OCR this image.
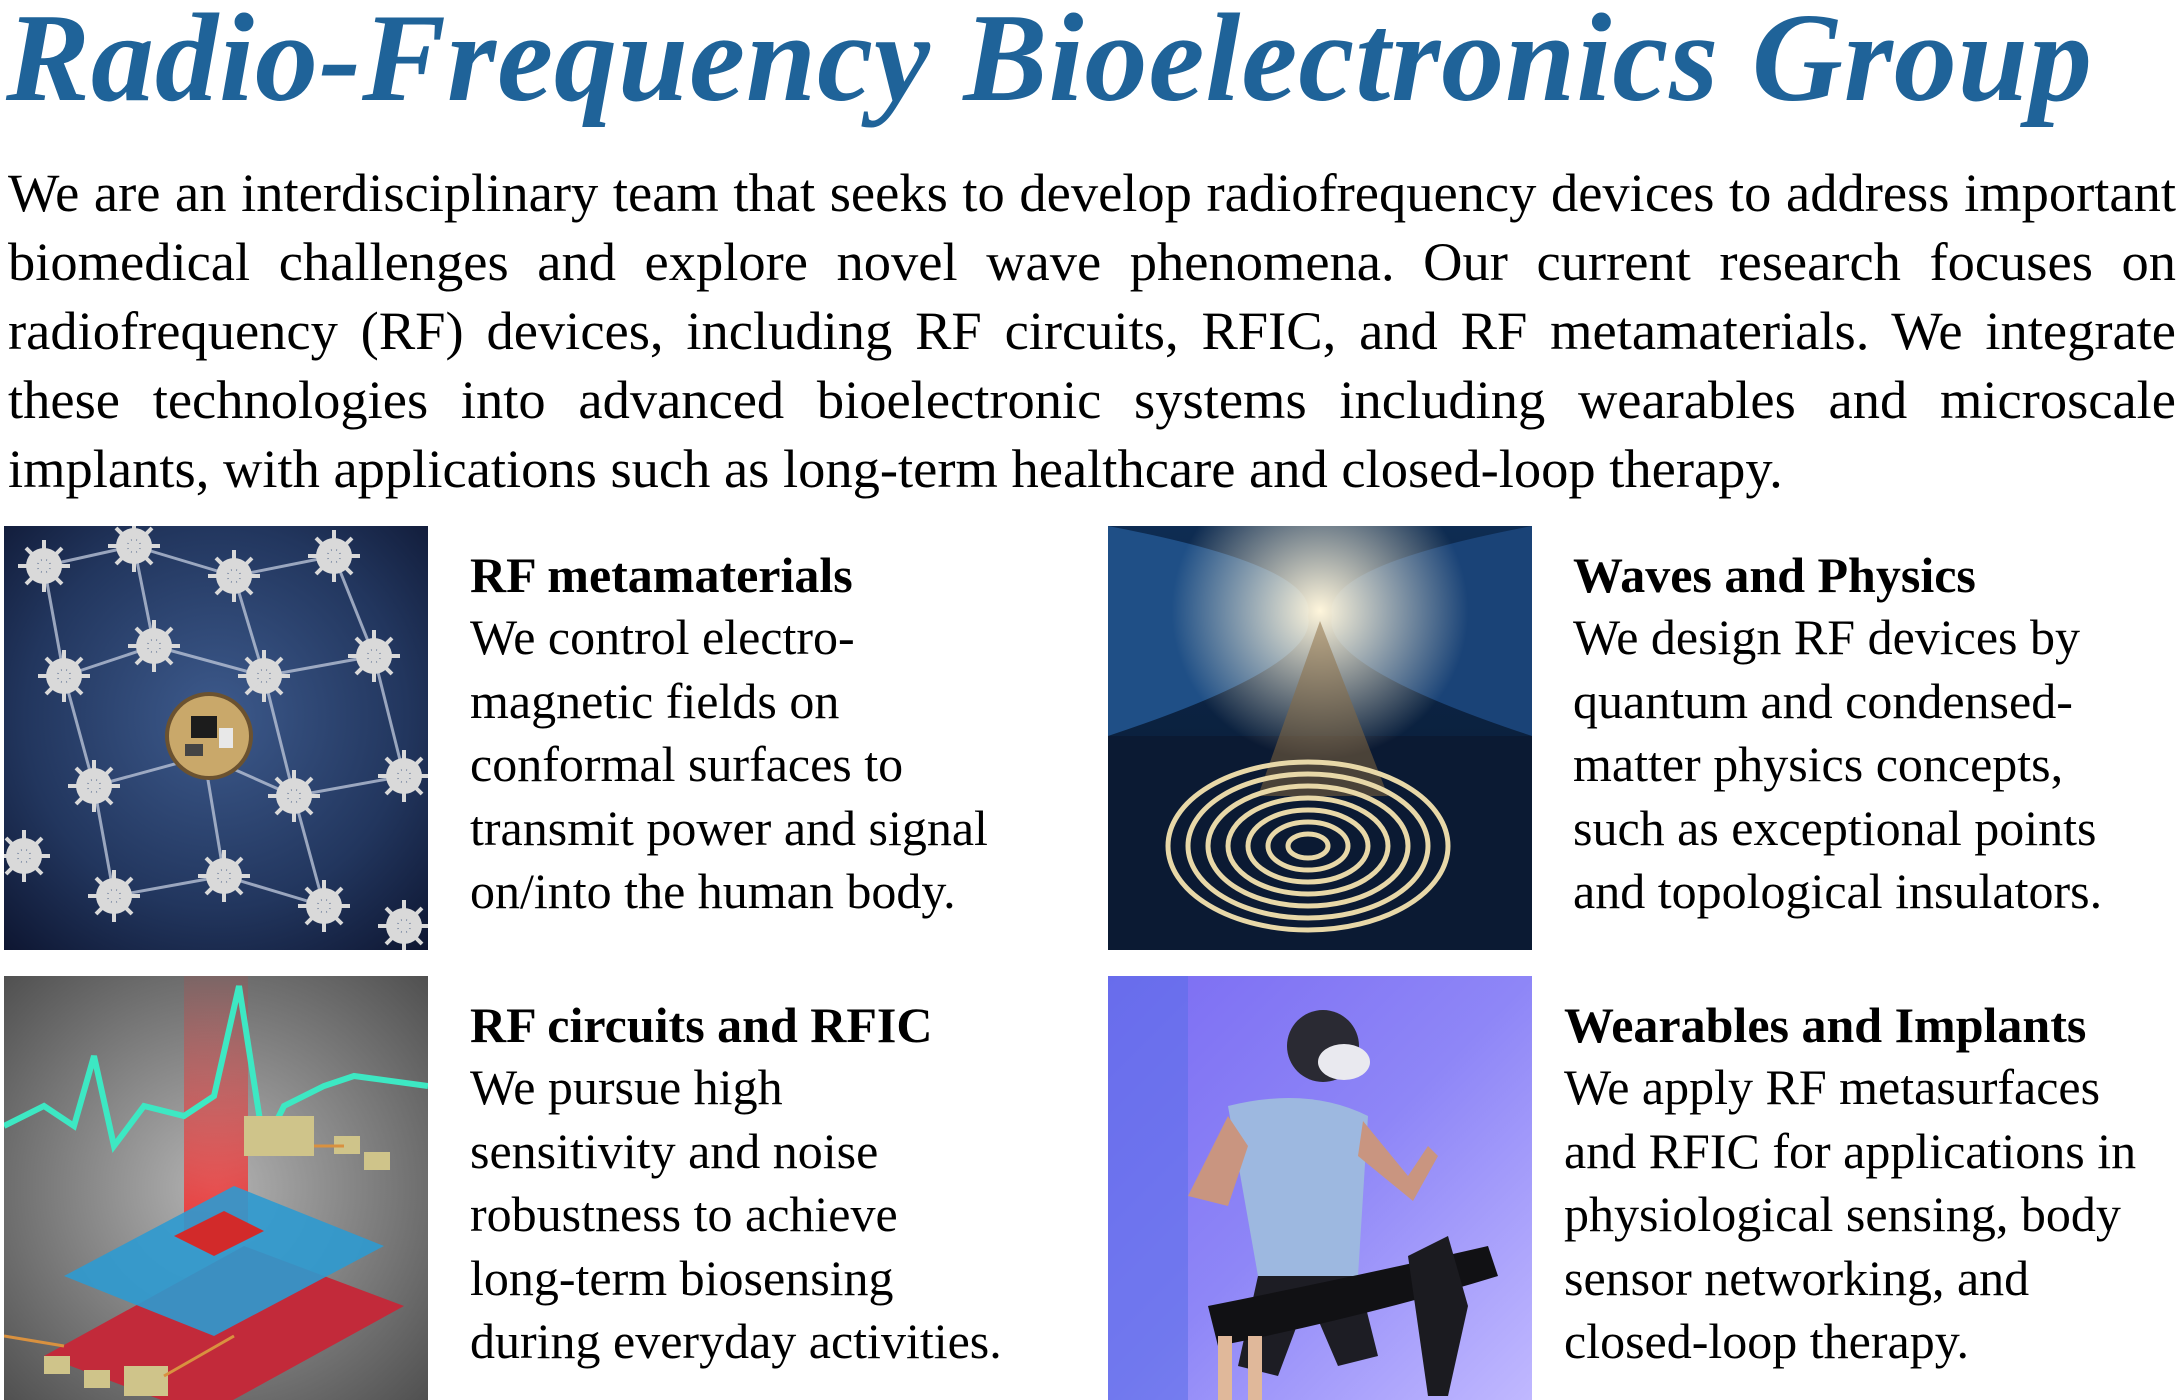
Radio-Frequency Bioelectronics Group

We are an interdisciplinary team that seeks to develop radiofrequency devices to address important biomedical challenges and explore novel wave phenomena. Our current research focuses on radiofrequency (RF) devices, including RF circuits, RFIC, and RF metamaterials. We integrate these technologies into advanced bioelectronic systems including wearables and microscale implants, with applications such as long-term healthcare and closed-loop therapy.

RF metamaterials

We control electro-
magnetic fields on
conformal surfaces to
transmit power and signal
on/into the human body.

Waves and Physics

We design RF devices by
quantum and condensed-
matter physics concepts,
such as exceptional points
and topological insulators.

RF circuits and RFIC

We pursue high
sensitivity and noise
robustness to achieve
long-term biosensing
during everyday activities.

Wearables and Implants

We apply RF metasurfaces
and RFIC for applications in
physiological sensing, body
sensor networking, and
closed-loop therapy.
